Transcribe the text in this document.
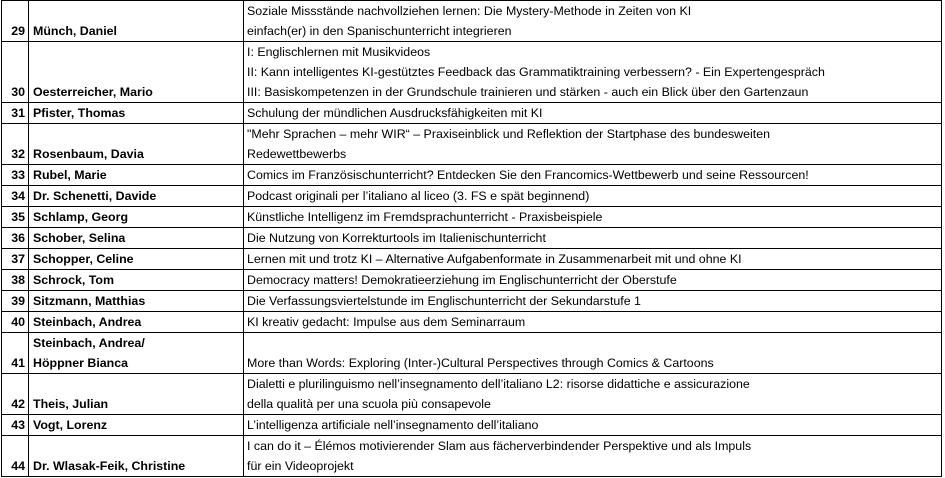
29	Münch, Daniel	Soziale Missstände nachvollziehen lernen: Die Mystery-Methode in Zeiten von KI
einfach(er) in den Spanischunterricht integrieren

30	Oesterreicher, Mario	I: Englischlernen mit Musikvideos
II: Kann intelligentes KI-gestütztes Feedback das Grammatiktraining verbessern? - Ein Expertengespräch
III: Basiskompetenzen in der Grundschule trainieren und stärken - auch ein Blick über den Gartenzaun

31	Pfister, Thomas	Schulung der mündlichen Ausdrucksfähigkeiten mit KI

32	Rosenbaum, Davia	"Mehr Sprachen – mehr WIR“ – Praxiseinblick und Reflektion der Startphase des bundesweiten
Redewettbewerbs

33	Rubel, Marie	Comics im Französischunterricht? Entdecken Sie den Francomics-Wettbewerb und seine Ressourcen!

34	Dr. Schenetti, Davide	Podcast originali per l’italiano al liceo (3. FS e spät beginnend)

35	Schlamp, Georg	Künstliche Intelligenz im Fremdsprachunterricht - Praxisbeispiele

36	Schober, Selina	Die Nutzung von Korrekturtools im Italienischunterricht

37	Schopper, Celine	Lernen mit und trotz KI – Alternative Aufgabenformate in Zusammenarbeit mit und ohne KI

38	Schrock, Tom	Democracy matters! Demokratieerziehung im Englischunterricht der Oberstufe

39	Sitzmann, Matthias	Die Verfassungsviertelstunde im Englischunterricht der Sekundarstufe 1

40	Steinbach, Andrea	KI kreativ gedacht: Impulse aus dem Seminarraum

41	Steinbach, Andrea/
Höppner Bianca	More than Words: Exploring (Inter-)Cultural Perspectives through Comics & Cartoons

42	Theis, Julian	Dialetti e plurilinguismo nell’insegnamento dell’italiano L2: risorse didattiche e assicurazione
della qualità per una scuola più consapevole

43	Vogt, Lorenz	L’intelligenza artificiale nell’insegnamento dell’italiano

44	Dr. Wlasak-Feik, Christine	I can do it – Élémos motivierender Slam aus fächerverbindender Perspektive und als Impuls
für ein Videoprojekt
